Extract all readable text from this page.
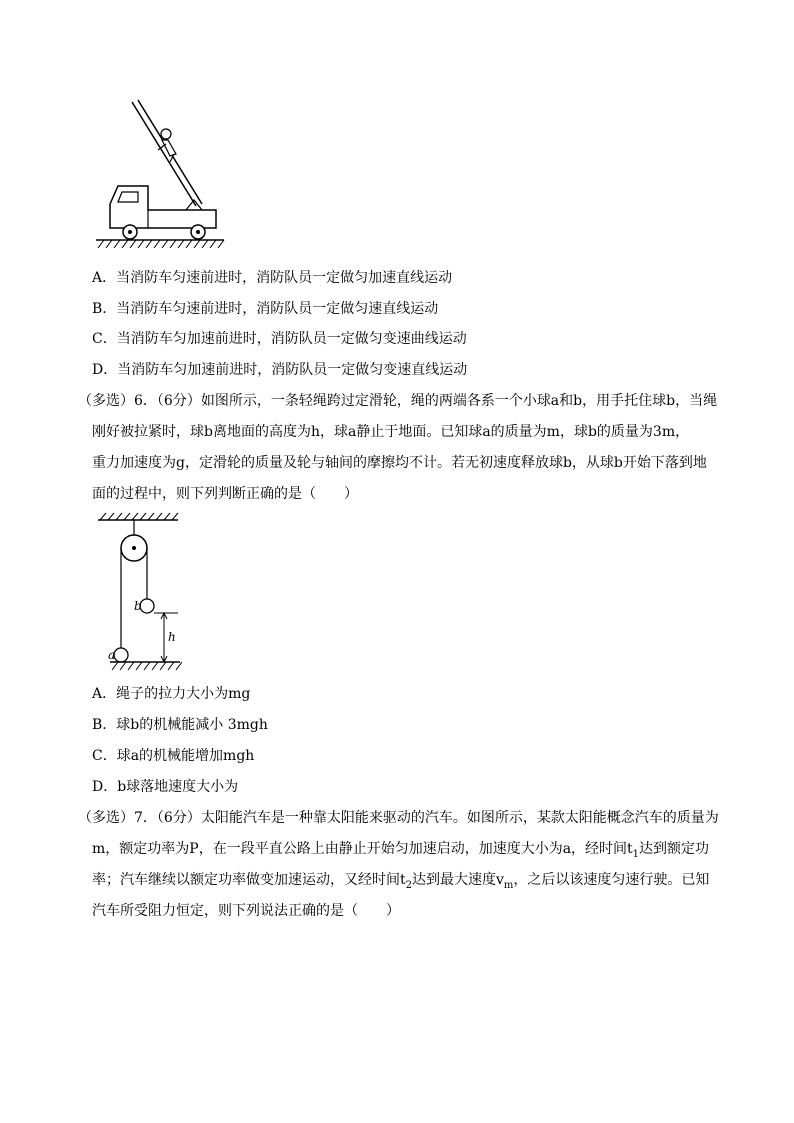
A．当消防车匀速前进时，消防队员一定做匀加速直线运动
B．当消防车匀速前进时，消防队员一定做匀速直线运动
C．当消防车匀加速前进时，消防队员一定做匀变速曲线运动
D．当消防车匀加速前进时，消防队员一定做匀变速直线运动
（多选）6．（6分）如图所示，一条轻绳跨过定滑轮，绳的两端各系一个小球a和b，用手托住球b，当绳
刚好被拉紧时，球b离地面的高度为h，球a静止于地面。已知球a的质量为m，球b的质量为3m，
重力加速度为g，定滑轮的质量及轮与轴间的摩擦均不计。若无初速度释放球b，从球b开始下落到地
面的过程中，则下列判断正确的是（　　）
b
h
a
A．绳子的拉力大小为mg
B．球b的机械能减小 3mgh
C．球a的机械能增加mgh
D．b球落地速度大小为
（多选）7．（6分）太阳能汽车是一种靠太阳能来驱动的汽车。如图所示，某款太阳能概念汽车的质量为
m，额定功率为P，在一段平直公路上由静止开始匀加速启动，加速度大小为a，经时间$t_1$达到额定功
率；汽车继续以额定功率做变加速运动，又经时间$t_2$达到最大速度$v_m$，之后以该速度匀速行驶。已知
汽车所受阻力恒定，则下列说法正确的是（　　）
